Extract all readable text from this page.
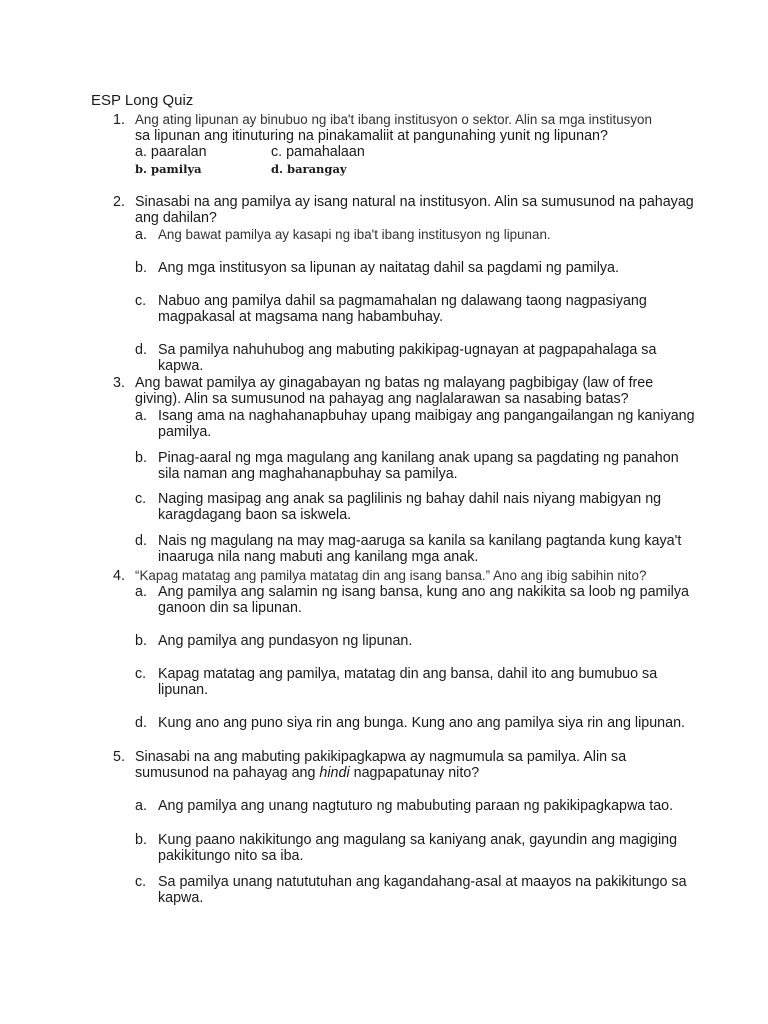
ESP Long Quiz
1. Ang ating lipunan ay binubuo ng iba't ibang institusyon o sektor. Alin sa mga institusyon
sa lipunan ang itinuturing na pinakamaliit at pangunahing yunit ng lipunan?
a. paaralan	c. pamahalaan
b. pamilya	d. barangay
2. Sinasabi na ang pamilya ay isang natural na institusyon. Alin sa sumusunod na pahayag
ang dahilan?
a. Ang bawat pamilya ay kasapi ng iba't ibang institusyon ng lipunan.
b. Ang mga institusyon sa lipunan ay naitatag dahil sa pagdami ng pamilya.
c. Nabuo ang pamilya dahil sa pagmamahalan ng dalawang taong nagpasiyang
magpakasal at magsama nang habambuhay.
d. Sa pamilya nahuhubog ang mabuting pakikipag-ugnayan at pagpapahalaga sa
kapwa.
3. Ang bawat pamilya ay ginagabayan ng batas ng malayang pagbibigay (law of free
giving). Alin sa sumusunod na pahayag ang naglalarawan sa nasabing batas?
a. Isang ama na naghahanapbuhay upang maibigay ang pangangailangan ng kaniyang
pamilya.
b. Pinag-aaral ng mga magulang ang kanilang anak upang sa pagdating ng panahon
sila naman ang maghahanapbuhay sa pamilya.
c. Naging masipag ang anak sa paglilinis ng bahay dahil nais niyang mabigyan ng
karagdagang baon sa iskwela.
d. Nais ng magulang na may mag-aaruga sa kanila sa kanilang pagtanda kung kaya't
inaaruga nila nang mabuti ang kanilang mga anak.
4. “Kapag matatag ang pamilya matatag din ang isang bansa.” Ano ang ibig sabihin nito?
a. Ang pamilya ang salamin ng isang bansa, kung ano ang nakikita sa loob ng pamilya
ganoon din sa lipunan.
b. Ang pamilya ang pundasyon ng lipunan.
c. Kapag matatag ang pamilya, matatag din ang bansa, dahil ito ang bumubuo sa
lipunan.
d. Kung ano ang puno siya rin ang bunga. Kung ano ang pamilya siya rin ang lipunan.
5. Sinasabi na ang mabuting pakikipagkapwa ay nagmumula sa pamilya. Alin sa
sumusunod na pahayag ang hindi nagpapatunay nito?
a. Ang pamilya ang unang nagtuturo ng mabubuting paraan ng pakikipagkapwa tao.
b. Kung paano nakikitungo ang magulang sa kaniyang anak, gayundin ang magiging
pakikitungo nito sa iba.
c. Sa pamilya unang natututuhan ang kagandahang-asal at maayos na pakikitungo sa
kapwa.
